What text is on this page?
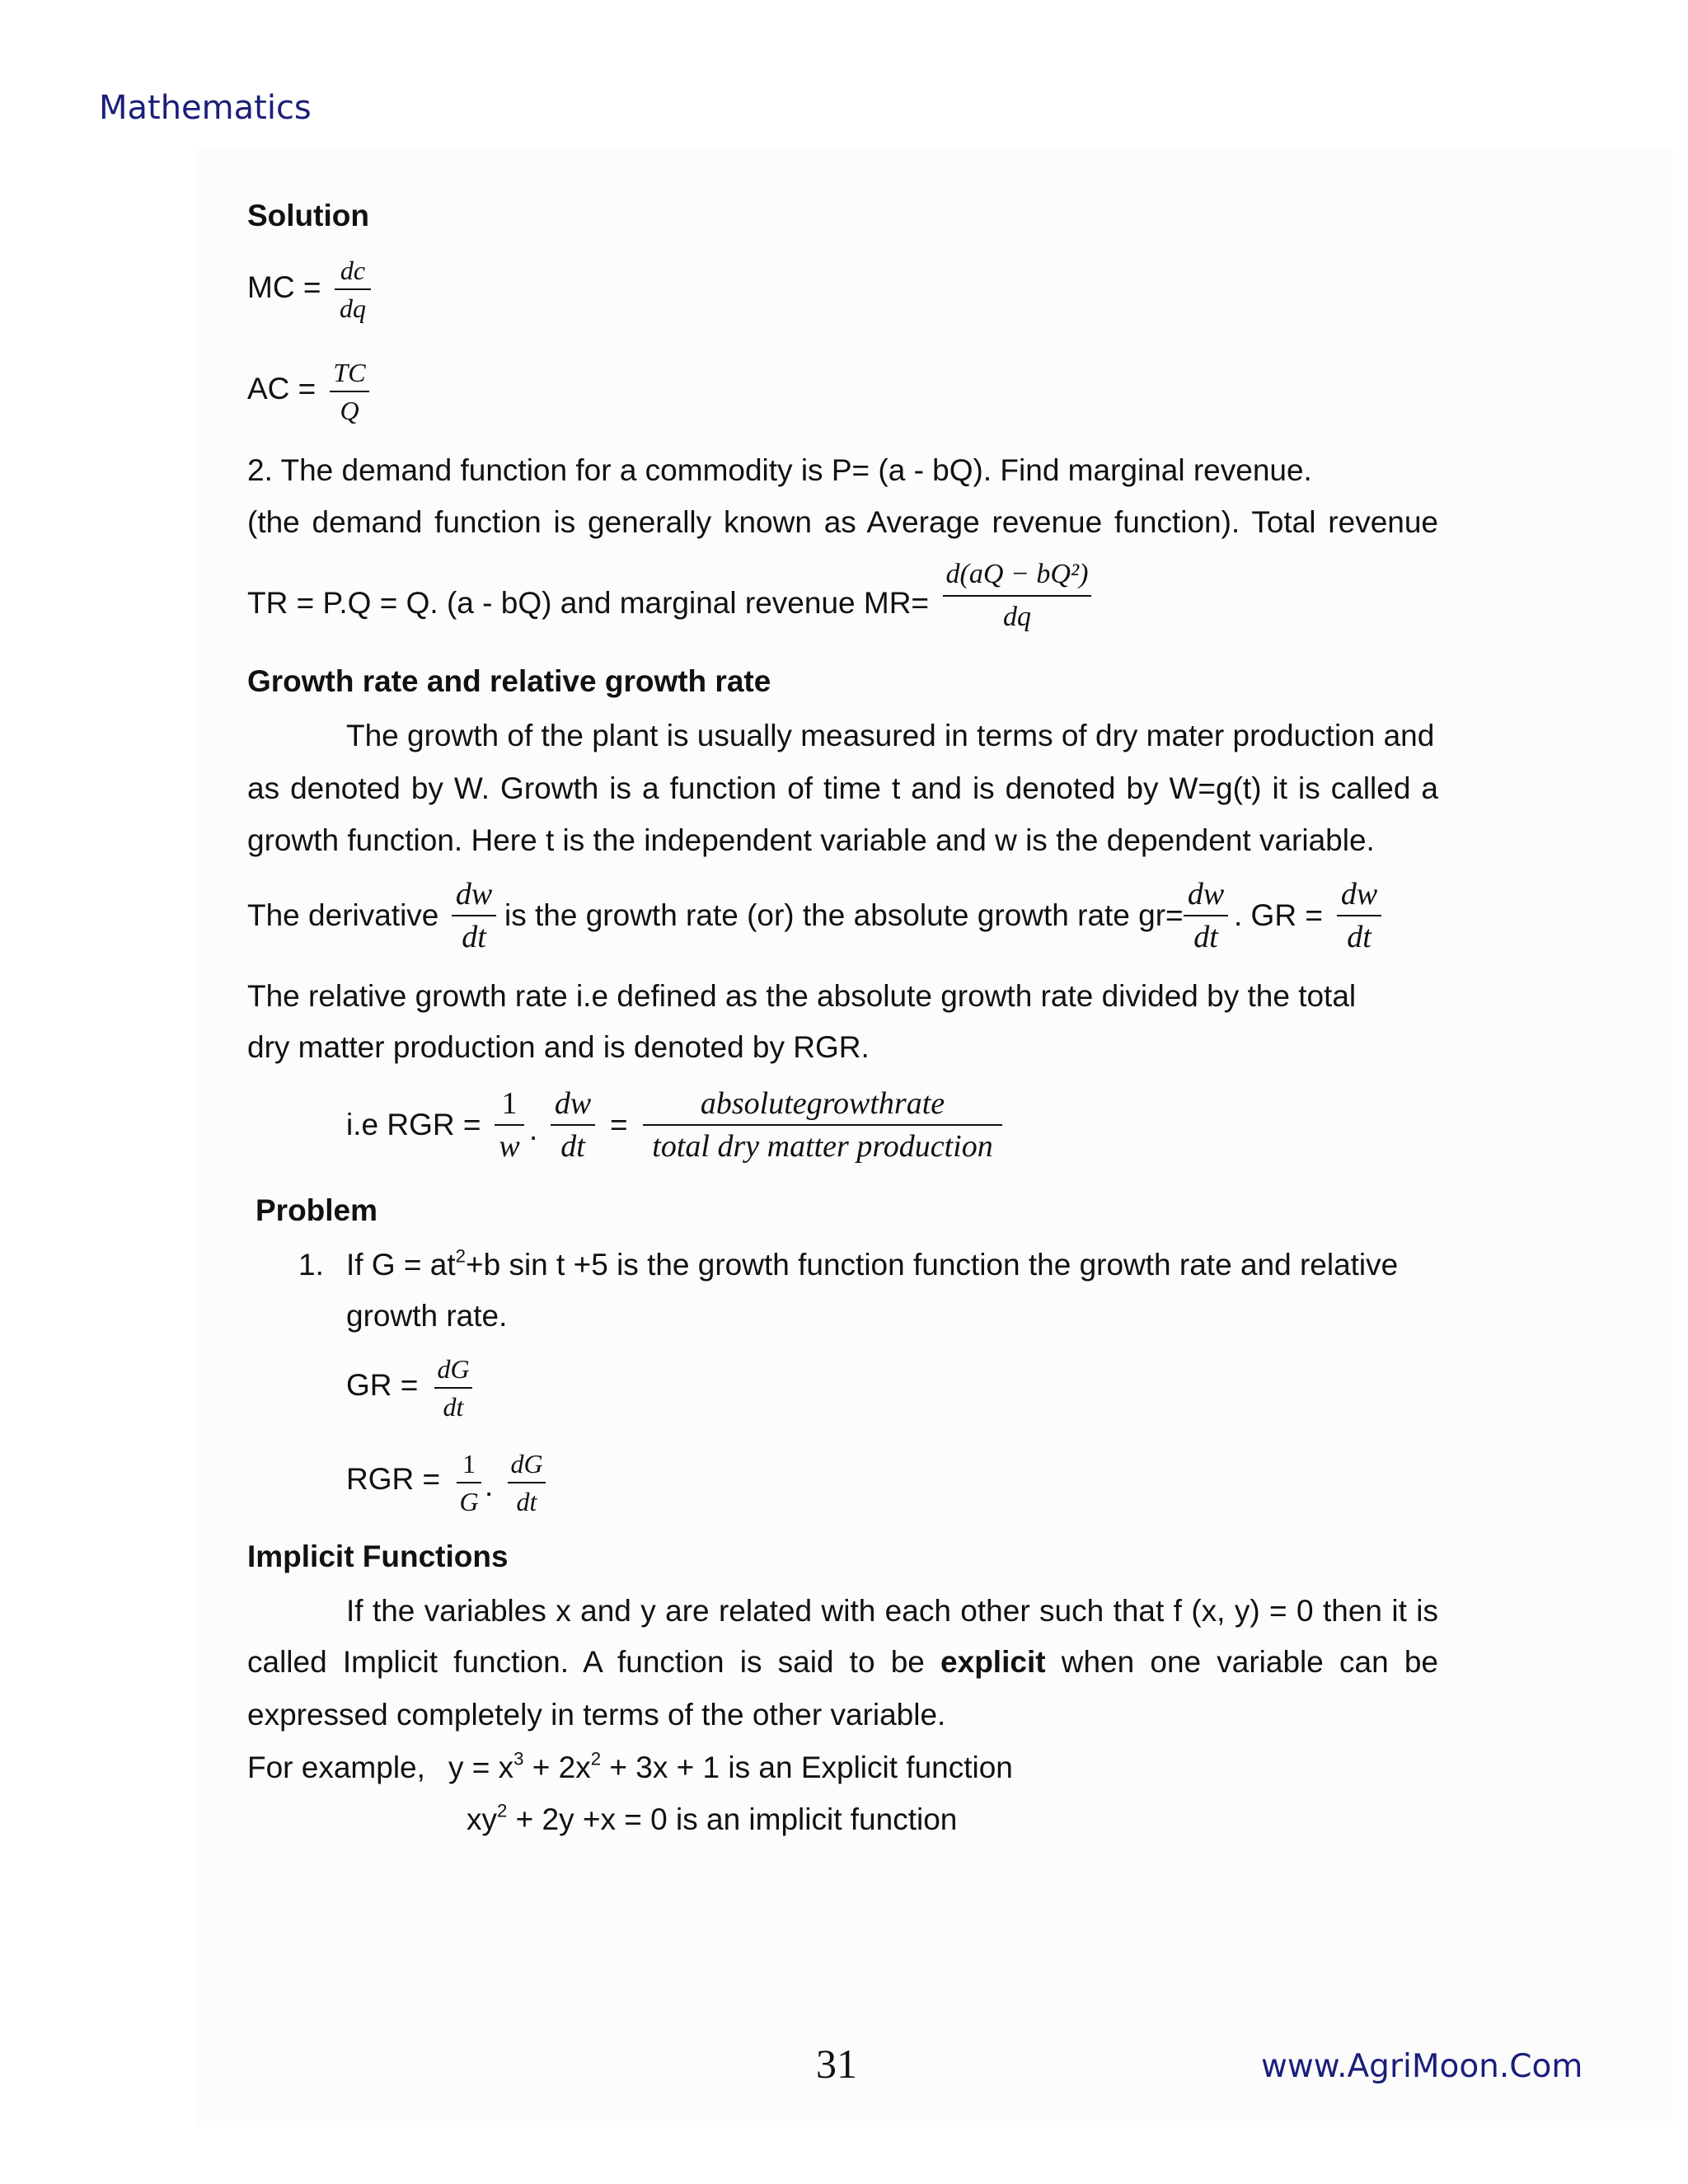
Mathematics
Solution
MC = dc
dq
AC = TC
Q
2. The demand function for a commodity is P= (a - bQ). Find marginal revenue.
(the demand function is generally known as Average revenue function). Total revenue
TR = P.Q = Q. (a - bQ) and marginal revenue MR=
d(aQ − bQ²)
dq
Growth rate and relative growth rate
The growth of the plant is usually measured in terms of dry mater production and
as denoted by W. Growth is a function of time t and is denoted by W=g(t) it is called a
growth function. Here t is the independent variable and w is the dependent variable.
The derivative
dw
dt
is the growth rate (or) the absolute growth rate gr=
dw
dt
. GR =
dw
dt
The relative growth rate i.e defined as the absolute growth rate divided by the total
dry matter production and is denoted by RGR.
i.e RGR =
1
w .
dw
dt
=
absolutegrowthrate
total dry matter production
Problem
1. If $G = at^2+b$ sin t +5 is the growth function function the growth rate and relative
growth rate.
GR = dG
dt
RGR = 1
G .
dG
dt
Implicit Functions
If the variables x and y are related with each other such that f (x, y) = 0 then it is
called Implicit function. A function is said to be explicit when one variable can be
expressed completely in terms of the other variable.
For example, $y = x^3 + 2x^2 + 3x + 1$ is an Explicit function
$xy^2 + 2y +x = 0$ is an implicit function
31	www.AgriMoon.Com
